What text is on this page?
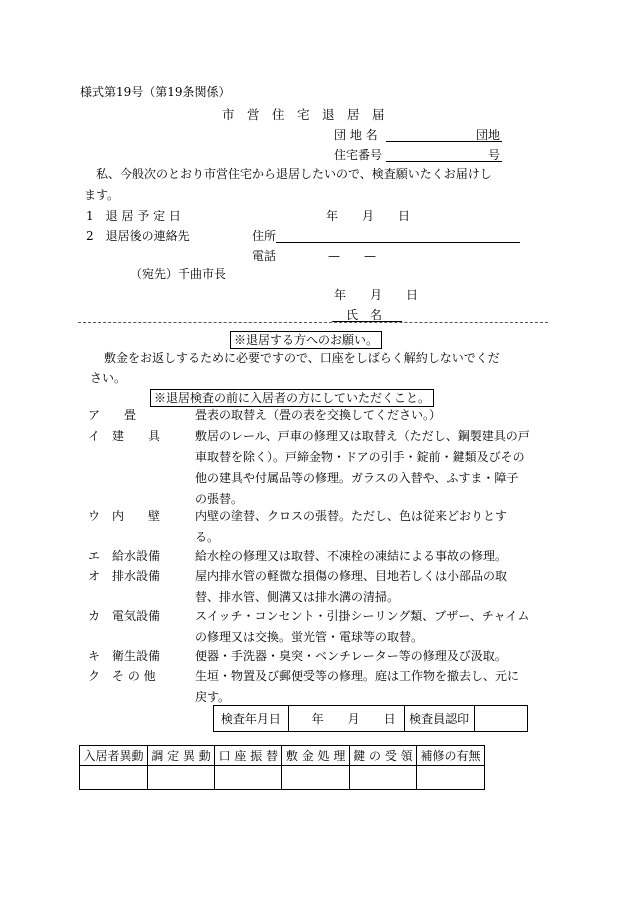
様式第19号（第19条関係）
市　営　住　宅　退　居　届
団 地 名	団地
住宅番号	号
私、今般次のとおり市営住宅から退居したいので、検査願いたくお届けし
ます。
1　退 居 予 定 日	年　　月　　日
2　退居後の連絡先	住所
電話	—　　—
（宛先）千曲市長
年　　月　　日
氏　名
※退居する方へのお願い。
敷金をお返しするために必要ですので、口座をしばらく解約しないでくだ
さい。
※退居検査の前に入居者の方にしていただくこと。
ア　　畳	畳表の取替え（畳の表を交換してください。）
イ　建　　具	敷居のレール、戸車の修理又は取替え（ただし、鋼製建具の戸車取替を除く）。戸締金物・ドアの引手・錠前・鍵類及びその他の建具や付属品等の修理。ガラスの入替や、ふすま・障子の張替。
ウ　内　　壁	内壁の塗替、クロスの張替。ただし、色は従来どおりとする。
エ　給水設備	給水栓の修理又は取替、不凍栓の凍結による事故の修理。
オ　排水設備	屋内排水管の軽微な損傷の修理、目地若しくは小部品の取替、排水管、側溝又は排水溝の清掃。
カ　電気設備	スイッチ・コンセント・引掛シーリング類、ブザー、チャイムの修理又は交換。蛍光管・電球等の取替。
キ　衛生設備	便器・手洗器・臭突・ベンチレーター等の修理及び汲取。
ク　そ の 他	生垣・物置及び郵便受等の修理。庭は工作物を撤去し、元に戻す。
検査年月日	年　　月　　日	検査員認印	
入居者異動	調 定 異 動	口 座 振 替	敷 金 処 理	鍵 の 受 領	補修の有無
